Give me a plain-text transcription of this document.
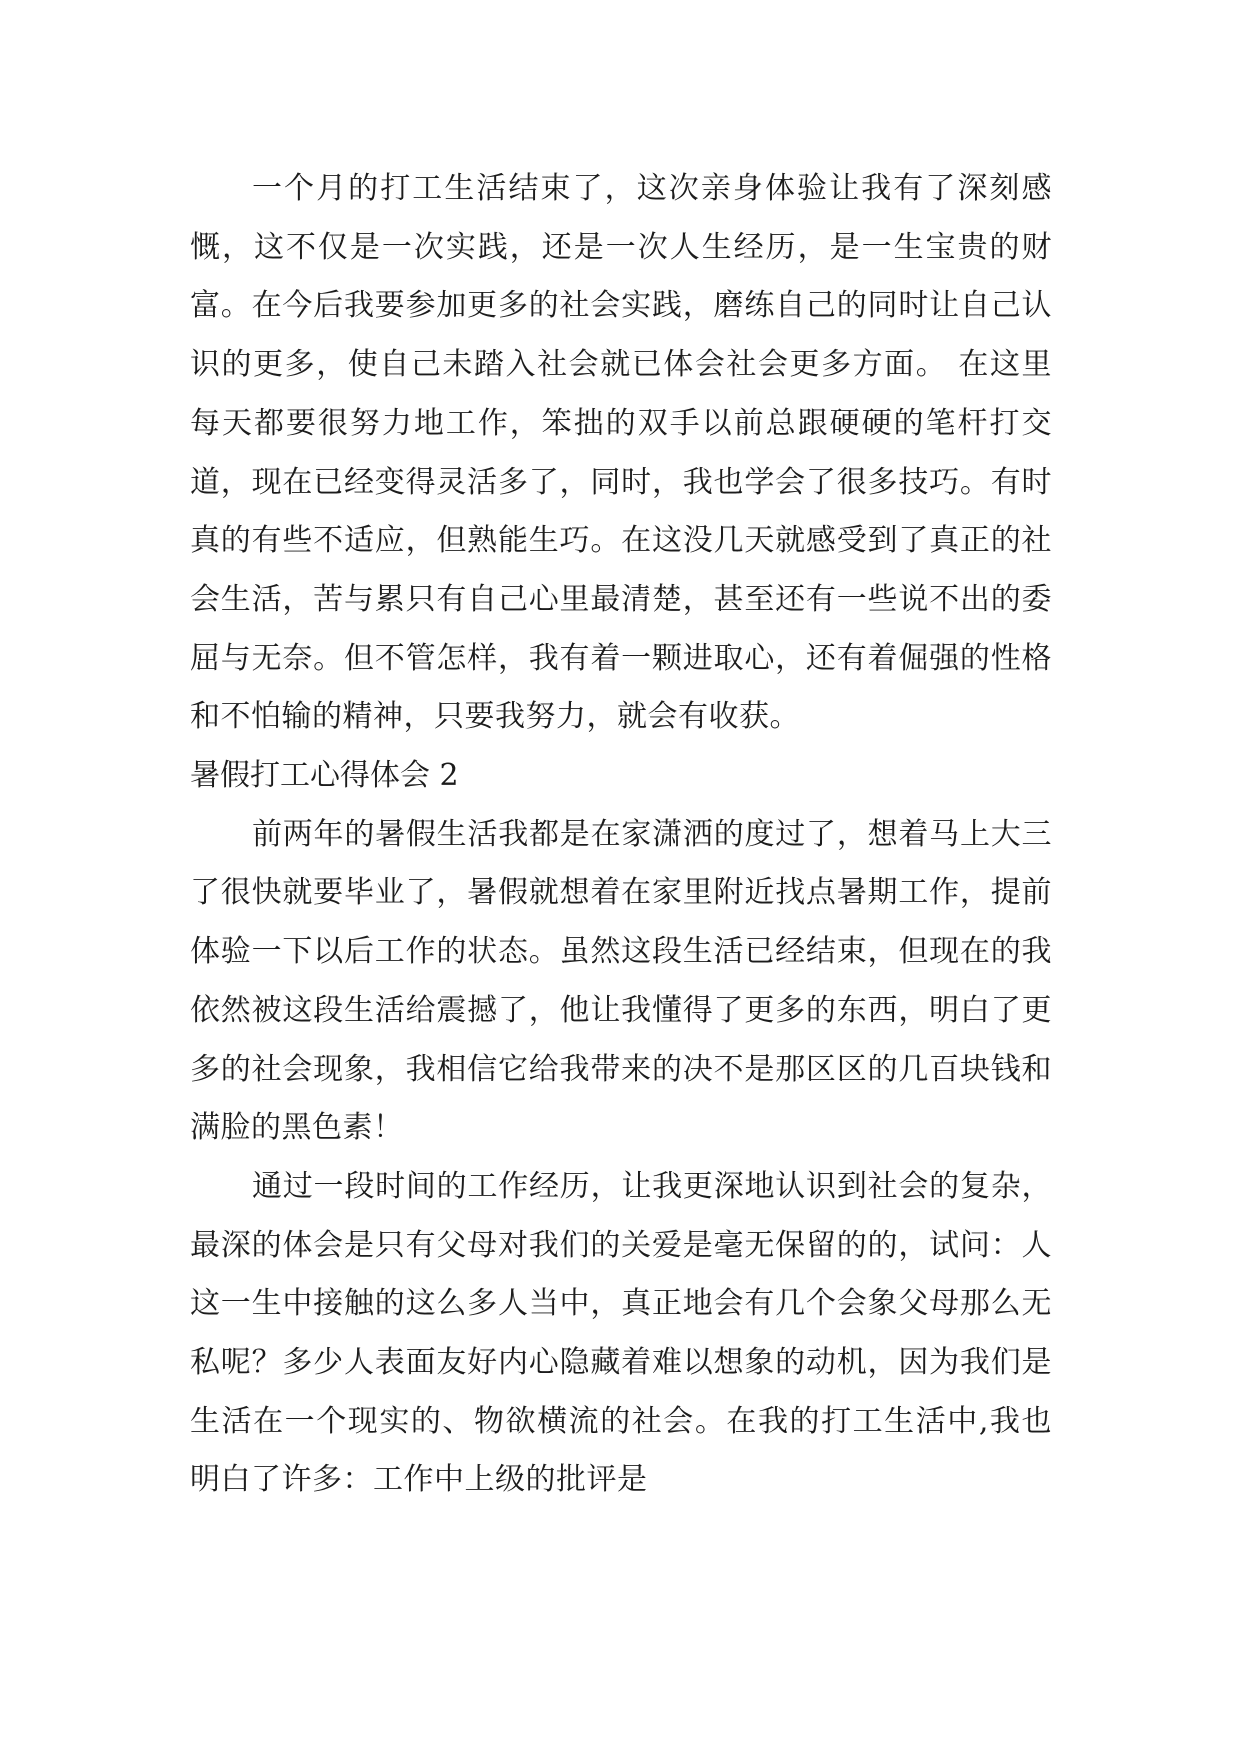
一个月的打工生活结束了，这次亲身体验让我有了深刻感慨，这不仅是一次实践，还是一次人生经历，是一生宝贵的财富。在今后我要参加更多的社会实践，磨练自己的同时让自己认识的更多，使自己未踏入社会就已体会社会更多方面。 在这里每天都要很努力地工作，笨拙的双手以前总跟硬硬的笔杆打交道，现在已经变得灵活多了，同时，我也学会了很多技巧。有时真的有些不适应，但熟能生巧。在这没几天就感受到了真正的社会生活，苦与累只有自己心里最清楚，甚至还有一些说不出的委屈与无奈。但不管怎样，我有着一颗进取心，还有着倔强的性格和不怕输的精神，只要我努力，就会有收获。

暑假打工心得体会 2

前两年的暑假生活我都是在家潇洒的度过了，想着马上大三了很快就要毕业了，暑假就想着在家里附近找点暑期工作，提前体验一下以后工作的状态。虽然这段生活已经结束，但现在的我依然被这段生活给震撼了，他让我懂得了更多的东西，明白了更多的社会现象，我相信它给我带来的决不是那区区的几百块钱和满脸的黑色素！

通过一段时间的工作经历，让我更深地认识到社会的复杂，最深的体会是只有父母对我们的关爱是毫无保留的的，试问：人这一生中接触的这么多人当中，真正地会有几个会象父母那么无私呢？多少人表面友好内心隐藏着难以想象的动机，因为我们是生活在一个现实的、物欲横流的社会。在我的打工生活中,我也明白了许多：工作中上级的批评是
